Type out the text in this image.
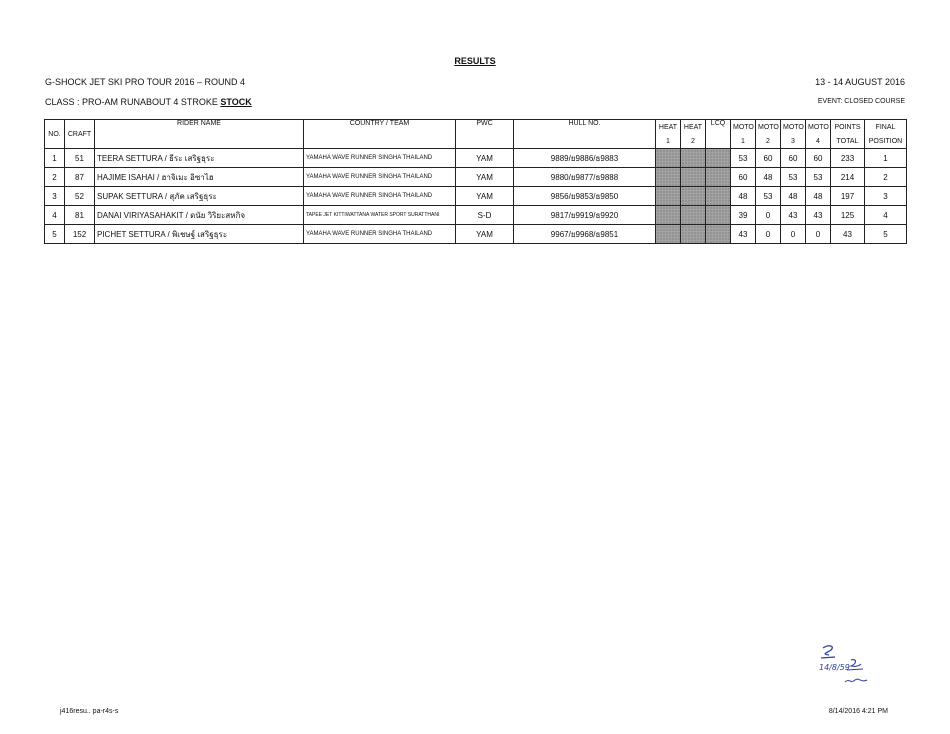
RESULTS
G-SHOCK JET SKI PRO TOUR 2016 – ROUND 4	13 - 14 AUGUST 2016
CLASS : PRO-AM RUNABOUT 4 STROKE STOCK	EVENT: CLOSED COURSE
NO.	CRAFT	RIDER NAME	COUNTRY / TEAM	PWC	HULL NO.	HEAT	HEAT	LCQ	MOTO	MOTO	MOTO	MOTO	POINTS	FINAL
						1	2		1	2	3	4	TOTAL	POSITION
1	51	TEERA SETTURA / ธีระ เสริฐธุระ	YAMAHA WAVE RUNNER SINGHA THAILAND	YAM	9889/ย9886/ธ9883				53	60	60	60	233	1
2	87	HAJIME ISAHAI / ฮาจิเมะ อิซาไฮ	YAMAHA WAVE RUNNER SINGHA THAILAND	YAM	9880/ย9877/ธ9888				60	48	53	53	214	2
3	52	SUPAK SETTURA / สุภัค เสริฐธุระ	YAMAHA WAVE RUNNER SINGHA THAILAND	YAM	9856/ย9853/ธ9850				48	53	48	48	197	3
4	81	DANAI VIRIYASAHAKIT / ดนัย วิริยะสหกิจ	TAPEE JET KITTIWATTANA WATER SPORT SURATTHANI	S-D	9817/ย9919/ธ9920				39	0	43	43	125	4
5	152	PICHET SETTURA / พิเชษฐ์ เสริฐธุระ	YAMAHA WAVE RUNNER SINGHA THAILAND	YAM	9967/ย9968/ธ9851				43	0	0	0	43	5
14/8/59
j416resu.. pa-r4s-s	8/14/2016 4:21 PM
